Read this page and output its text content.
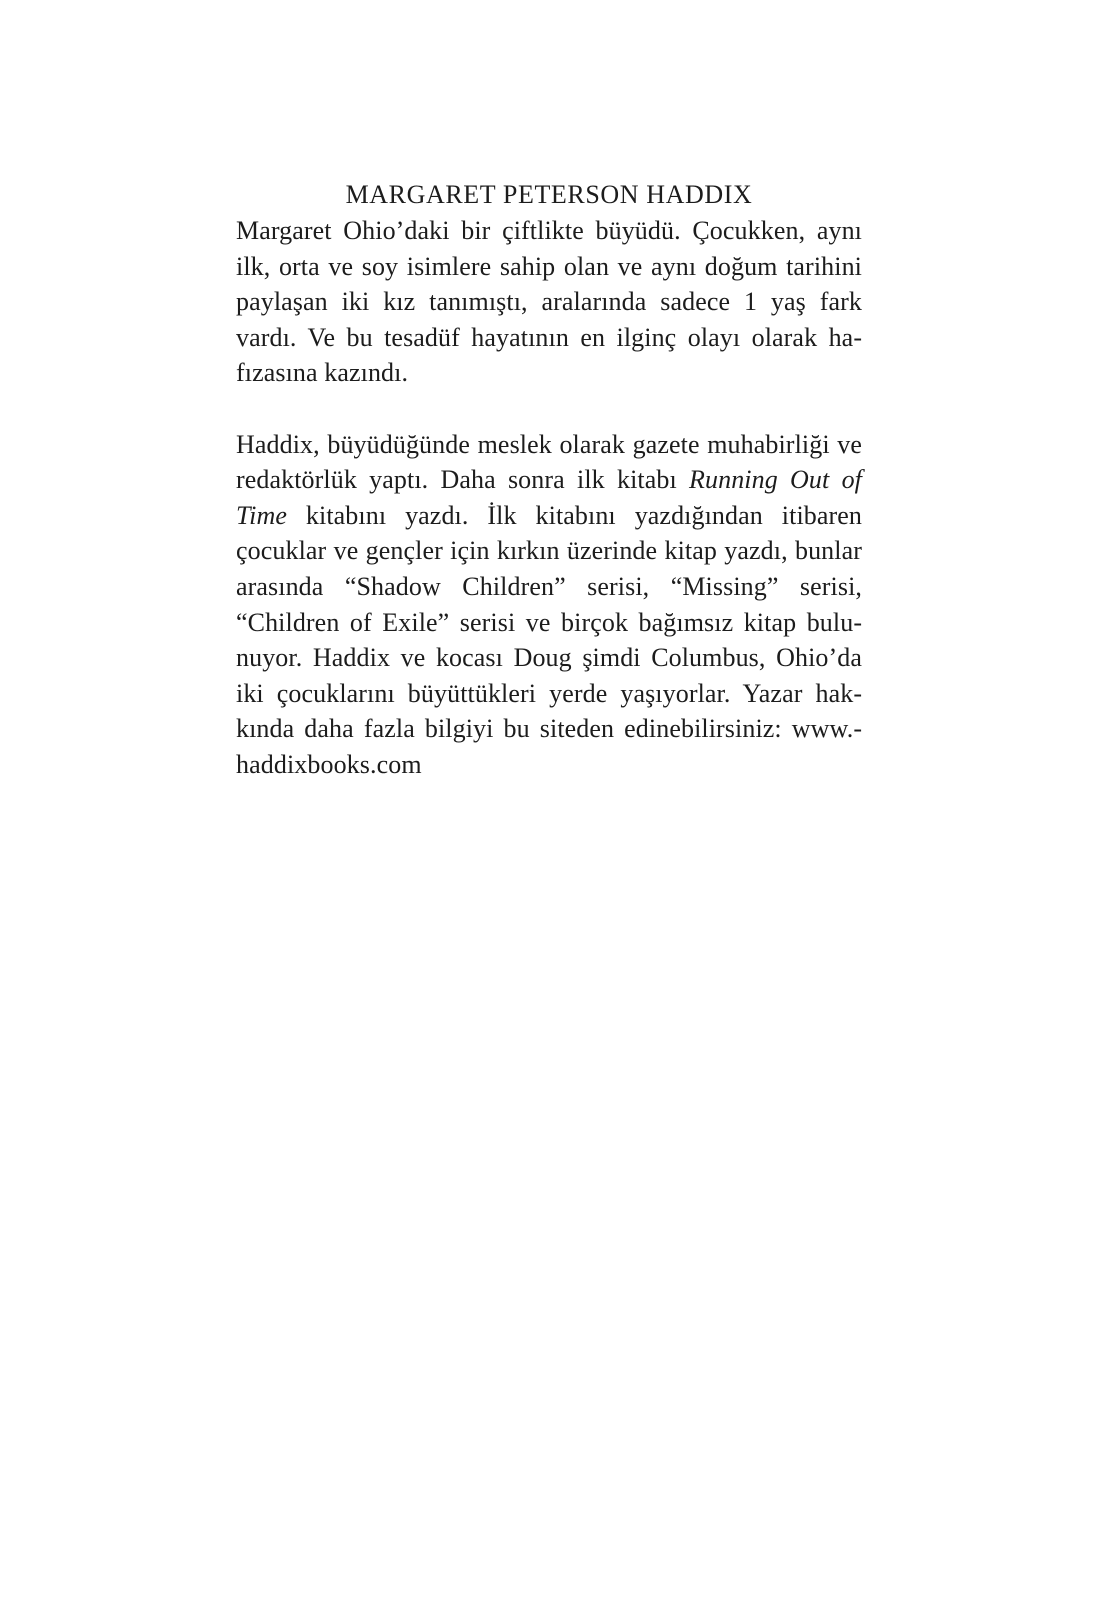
MARGARET PETERSON HADDIX

Margaret Ohio’daki bir çiftlikte büyüdü. Çocukken, aynı ilk, orta ve soy isimlere sahip olan ve aynı doğum tarihini paylaşan iki kız tanımıştı, aralarında sadece 1 yaş fark vardı. Ve bu tesadüf hayatının en ilginç olayı olarak hafızasına kazındı.

Haddix, büyüdüğünde meslek olarak gazete muhabirliği ve redaktörlük yaptı. Daha sonra ilk kitabı Running Out of Time kitabını yazdı. İlk kitabını yazdığından itibaren çocuklar ve gençler için kırkın üzerinde kitap yazdı, bunlar arasında “Shadow Children” serisi, “Missing” serisi, “Children of Exile” serisi ve birçok bağımsız kitap bulunuyor. Haddix ve kocası Doug şimdi Columbus, Ohio’da iki çocuklarını büyüttükleri yerde yaşıyorlar. Yazar hakkında daha fazla bilgiyi bu siteden edinebilirsiniz: www.haddixbooks.com
